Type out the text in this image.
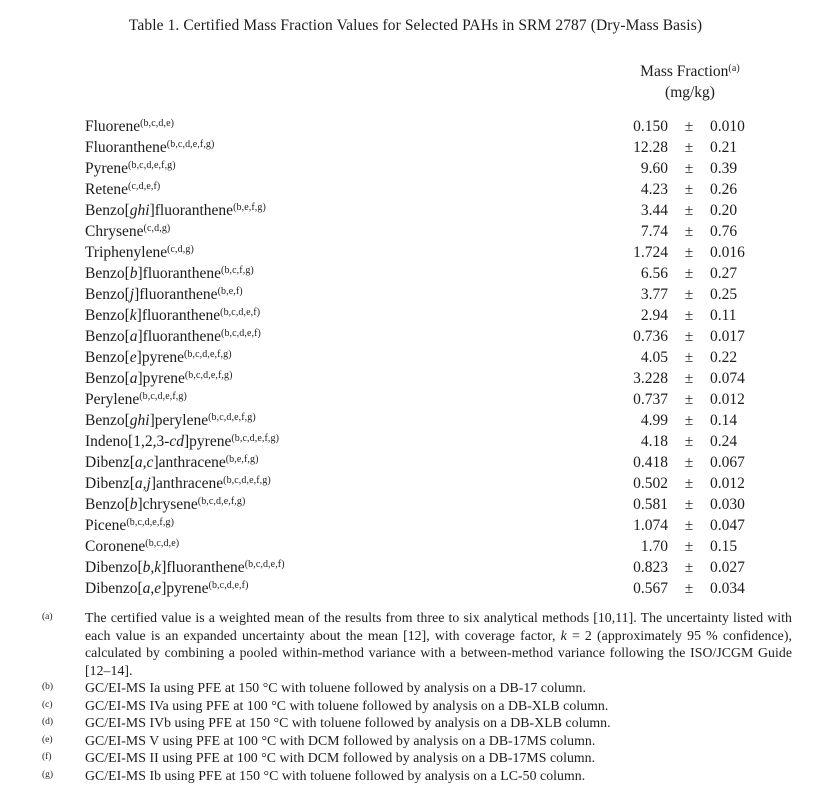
Table 1. Certified Mass Fraction Values for Selected PAHs in SRM 2787 (Dry-Mass Basis)
Mass Fraction$^{(a)}$
(mg/kg)
Fluorene$^{(b,c,d,e)}$	0.150	±	0.010
Fluoranthene$^{(b,c,d,e,f,g)}$	12.28	±	0.21
Pyrene$^{(b,c,d,e,f,g)}$	9.60	±	0.39
Retene$^{(c,d,e,f)}$	4.23	±	0.26
Benzo[ghi]fluoranthene$^{(b,e,f,g)}$	3.44	±	0.20
Chrysene$^{(c,d,g)}$	7.74	±	0.76
Triphenylene$^{(c,d,g)}$	1.724	±	0.016
Benzo[b]fluoranthene$^{(b,c,f,g)}$	6.56	±	0.27
Benzo[j]fluoranthene$^{(b,e,f)}$	3.77	±	0.25
Benzo[k]fluoranthene$^{(b,c,d,e,f)}$	2.94	±	0.11
Benzo[a]fluoranthene$^{(b,c,d,e,f)}$	0.736	±	0.017
Benzo[e]pyrene$^{(b,c,d,e,f,g)}$	4.05	±	0.22
Benzo[a]pyrene$^{(b,c,d,e,f,g)}$	3.228	±	0.074
Perylene$^{(b,c,d,e,f,g)}$	0.737	±	0.012
Benzo[ghi]perylene$^{(b,c,d,e,f,g)}$	4.99	±	0.14
Indeno[1,2,3-cd]pyrene$^{(b,c,d,e,f,g)}$	4.18	±	0.24
Dibenz[a,c]anthracene$^{(b,e,f,g)}$	0.418	±	0.067
Dibenz[a,j]anthracene$^{(b,c,d,e,f,g)}$	0.502	±	0.012
Benzo[b]chrysene$^{(b,c,d,e,f,g)}$	0.581	±	0.030
Picene$^{(b,c,d,e,f,g)}$	1.074	±	0.047
Coronene$^{(b,c,d,e)}$	1.70	±	0.15
Dibenzo[b,k]fluoranthene$^{(b,c,d,e,f)}$	0.823	±	0.027
Dibenzo[a,e]pyrene$^{(b,c,d,e,f)}$	0.567	±	0.034
(a)	The certified value is a weighted mean of the results from three to six analytical methods [10,11]. The uncertainty listed with each value is an expanded uncertainty about the mean [12], with coverage factor, k = 2 (approximately 95 % confidence), calculated by combining a pooled within-method variance with a between-method variance following the ISO/JCGM Guide [12–14].
(b)	GC/EI-MS Ia using PFE at 150 °C with toluene followed by analysis on a DB-17 column.
(c)	GC/EI-MS IVa using PFE at 100 °C with toluene followed by analysis on a DB-XLB column.
(d)	GC/EI-MS IVb using PFE at 150 °C with toluene followed by analysis on a DB-XLB column.
(e)	GC/EI-MS V using PFE at 100 °C with DCM followed by analysis on a DB-17MS column.
(f)	GC/EI-MS II using PFE at 100 °C with DCM followed by analysis on a DB-17MS column.
(g)	GC/EI-MS Ib using PFE at 150 °C with toluene followed by analysis on a LC-50 column.
